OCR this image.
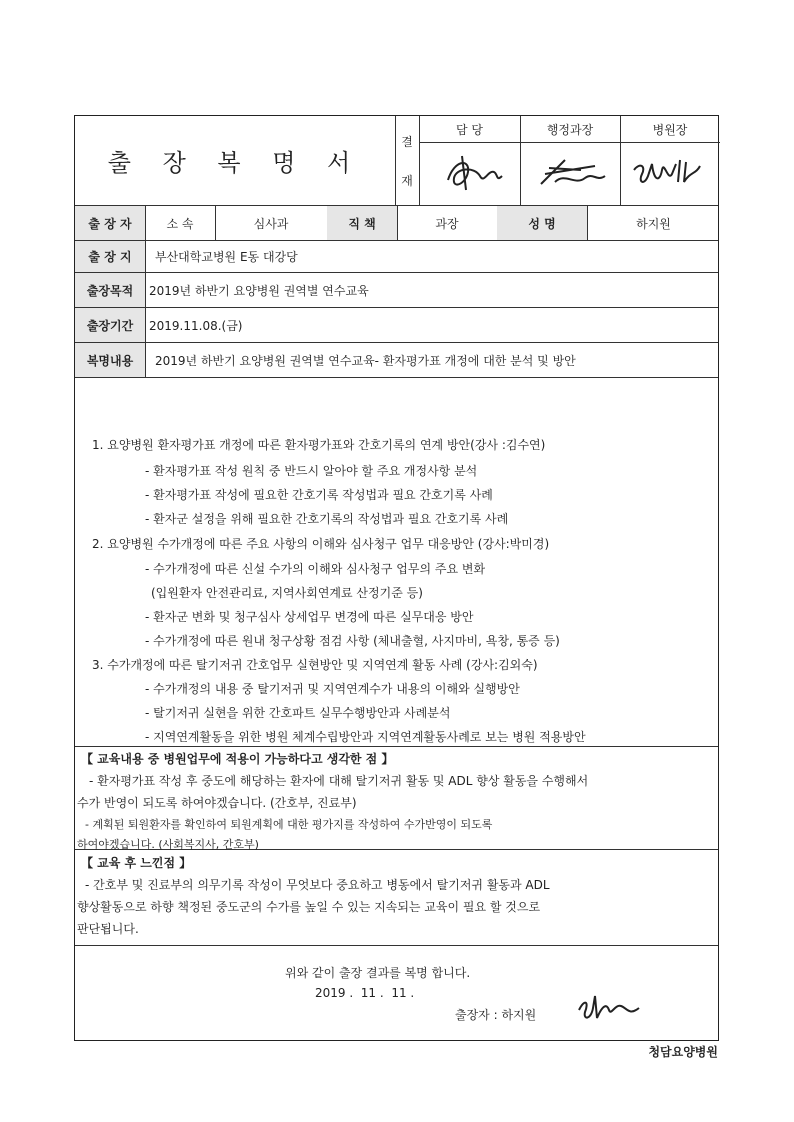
출 장 복 명 서
결
재
담 당	행정과장	병원장
출 장 자	소 속	심사과	직 책	과장	성 명	하지원
출 장 지	부산대학교병원 E동 대강당
출장목적	2019년 하반기 요양병원 권역별 연수교육
출장기간	2019.11.08.(금)
복명내용	2019년 하반기 요양병원 권역별 연수교육- 환자평가표 개정에 대한 분석 및 방안
1. 요양병원 환자평가표 개정에 따른 환자평가표와 간호기록의 연계 방안(강사 :김수연)
- 환자평가표 작성 원칙 중 반드시 알아야 할 주요 개정사항 분석
- 환자평가표 작성에 필요한 간호기록 작성법과 필요 간호기록 사례
- 환자군 설정을 위해 필요한 간호기록의 작성법과 필요 간호기록 사례
2. 요양병원 수가개정에 따른 주요 사항의 이해와 심사청구 업무 대응방안 (강사:박미경)
- 수가개정에 따른 신설 수가의 이해와 심사청구 업무의 주요 변화
(입원환자 안전관리료, 지역사회연계료 산정기준 등)
- 환자군 변화 및 청구심사 상세업무 변경에 따른 실무대응 방안
- 수가개정에 따른 원내 청구상황 점검 사항 (체내출혈, 사지마비, 욕창, 통증 등)
3. 수가개정에 따른 탈기저귀 간호업무 실현방안 및 지역연계 활동 사례 (강사:김외숙)
- 수가개정의 내용 중 탈기저귀 및 지역연계수가 내용의 이해와 실행방안
- 탈기저귀 실현을 위한 간호파트 실무수행방안과 사례분석
- 지역연계활동을 위한 병원 체계수립방안과 지역연계활동사례로 보는 병원 적용방안
【 교육내용 중 병원업무에 적용이 가능하다고 생각한 점 】
- 환자평가표 작성 후 중도에 해당하는 환자에 대해 탈기저귀 활동 및 ADL 향상 활동을 수행해서
수가 반영이 되도록 하여야겠습니다. (간호부, 진료부)
- 계획된 퇴원환자를 확인하여 퇴원계획에 대한 평가지를 작성하여 수가반영이 되도록
하여야겠습니다. (사회복지사, 간호부)
【 교육 후 느낀점 】
- 간호부 및 진료부의 의무기록 작성이 무엇보다 중요하고 병동에서 탈기저귀 활동과 ADL
향상활동으로 하향 책정된 중도군의 수가를 높일 수 있는 지속되는 교육이 필요 할 것으로
판단됩니다.
위와 같이 출장 결과를 복명 합니다.
2019 .  11 .  11 .
출장자 : 하지원
청담요양병원
